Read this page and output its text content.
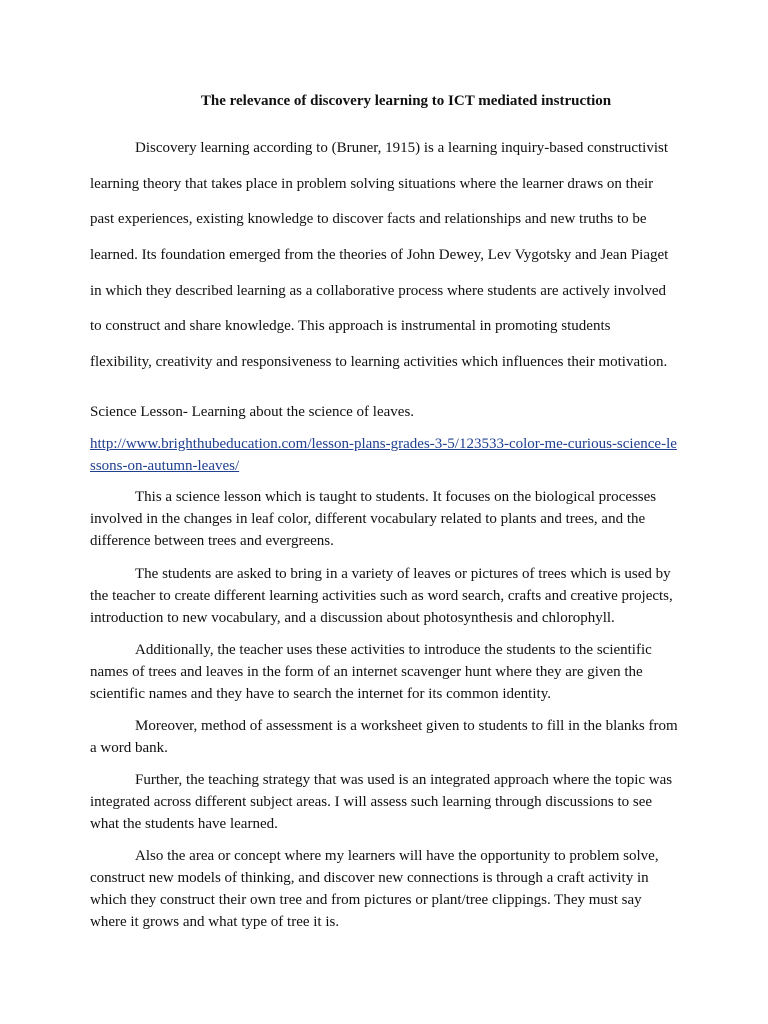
The relevance of discovery learning to ICT mediated instruction
Discovery learning according to (Bruner, 1915) is a learning inquiry-based constructivist
learning theory that takes place in problem solving situations where the learner draws on their
past experiences, existing knowledge to discover facts and relationships and new truths to be
learned. Its foundation emerged from the theories of John Dewey, Lev Vygotsky and Jean Piaget
in which they described learning as a collaborative process where students are actively involved
to construct and share knowledge. This approach is instrumental in promoting students
flexibility, creativity and responsiveness to learning activities which influences their motivation.
Science Lesson- Learning about the science of leaves.
http://www.brighthubeducation.com/lesson-plans-grades-3-5/123533-color-me-curious-science-lessons-on-autumn-leaves/

This a science lesson which is taught to students. It focuses on the biological processes involved in the changes in leaf color, different vocabulary related to plants and trees, and the difference between trees and evergreens.

The students are asked to bring in a variety of leaves or pictures of trees which is used by the teacher to create different learning activities such as word search, crafts and creative projects, introduction to new vocabulary, and a discussion about photosynthesis and chlorophyll.

Additionally, the teacher uses these activities to introduce the students to the scientific names of trees and leaves in the form of an internet scavenger hunt where they are given the scientific names and they have to search the internet for its common identity.

Moreover, method of assessment is a worksheet given to students to fill in the blanks from a word bank.

Further, the teaching strategy that was used is an integrated approach where the topic was integrated across different subject areas. I will assess such learning through discussions to see what the students have learned.

Also the area or concept where my learners will have the opportunity to problem solve, construct new models of thinking, and discover new connections is through a craft activity in which they construct their own tree and from pictures or plant/tree clippings. They must say where it grows and what type of tree it is.
